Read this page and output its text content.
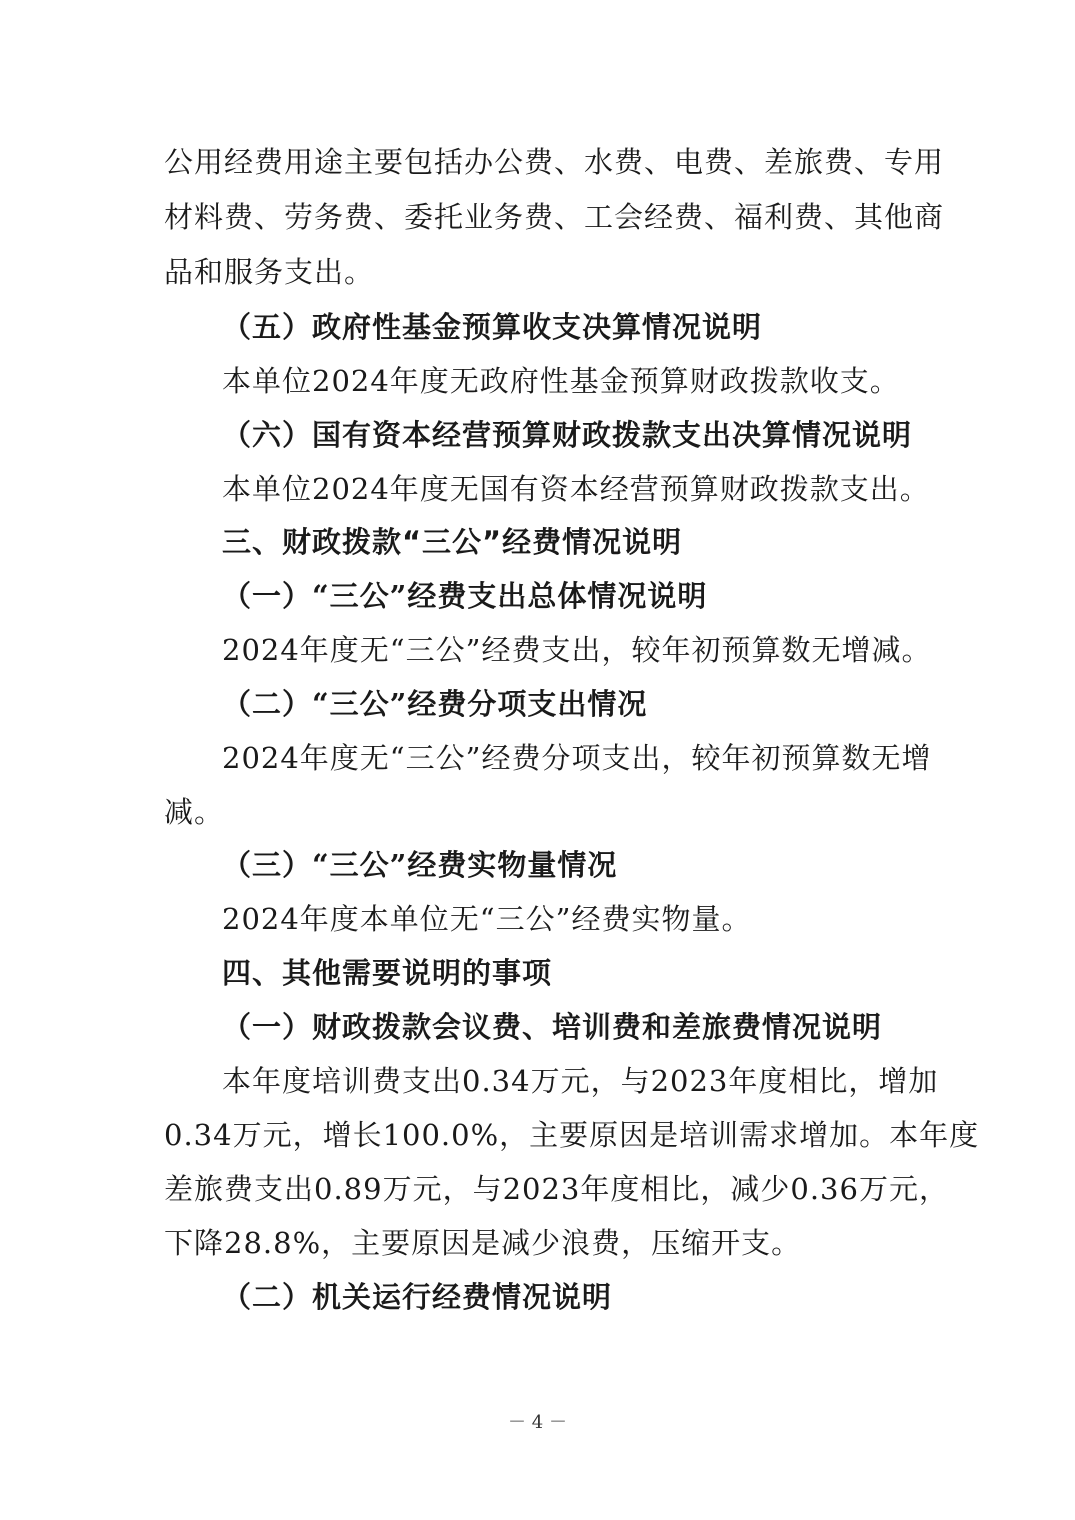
公用经费用途主要包括办公费、水费、电费、差旅费、专用
材料费、劳务费、委托业务费、工会经费、福利费、其他商
品和服务支出。
（五）政府性基金预算收支决算情况说明
本单位2024年度无政府性基金预算财政拨款收支。
（六）国有资本经营预算财政拨款支出决算情况说明
本单位2024年度无国有资本经营预算财政拨款支出。
三、财政拨款“三公”经费情况说明
（一）“三公”经费支出总体情况说明
2024年度无“三公”经费支出，较年初预算数无增减。
（二）“三公”经费分项支出情况
2024年度无“三公”经费分项支出，较年初预算数无增
减。
（三）“三公”经费实物量情况
2024年度本单位无“三公”经费实物量。
四、其他需要说明的事项
（一）财政拨款会议费、培训费和差旅费情况说明
本年度培训费支出0.34万元，与2023年度相比，增加
0.34万元，增长100.0%，主要原因是培训需求增加。本年度
差旅费支出0.89万元，与2023年度相比，减少0.36万元，
下降28.8%，主要原因是减少浪费，压缩开支。
（二）机关运行经费情况说明
－ 4 －
